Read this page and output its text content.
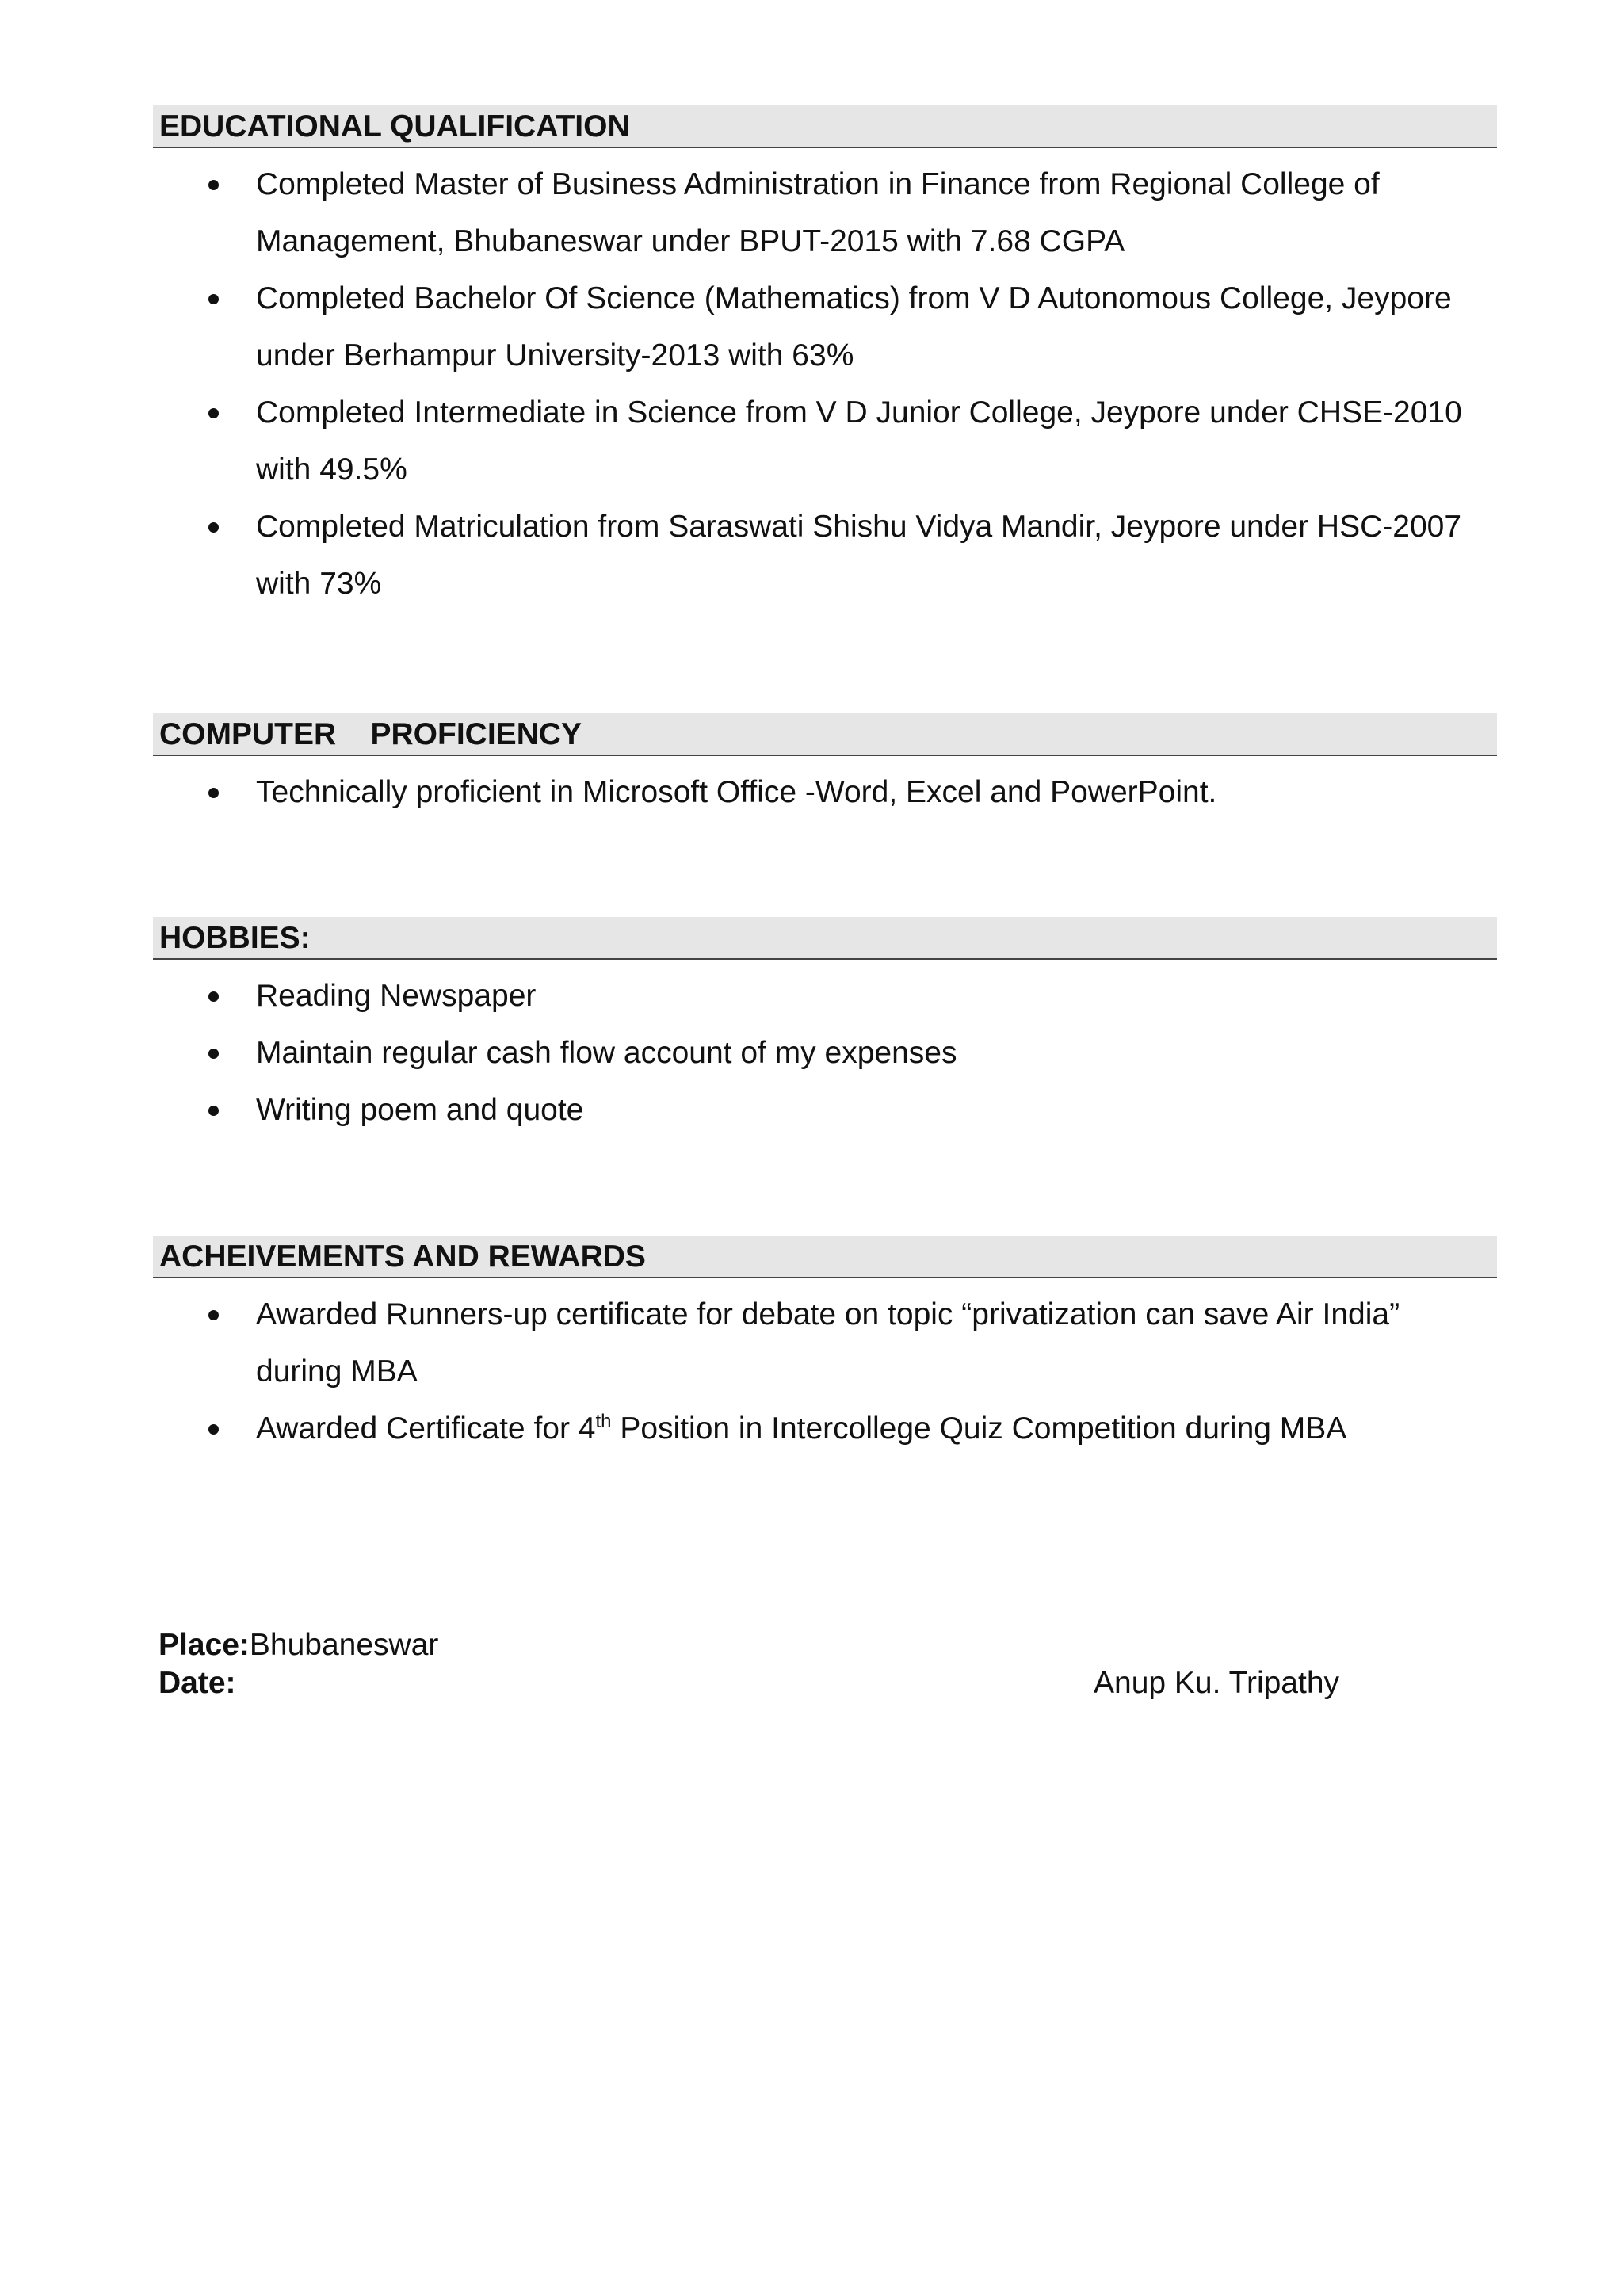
EDUCATIONAL QUALIFICATION
Completed Master of Business Administration in Finance from Regional College of Management, Bhubaneswar under BPUT-2015 with 7.68 CGPA
Completed Bachelor Of Science (Mathematics) from V D Autonomous College, Jeypore under Berhampur University-2013 with 63%
Completed Intermediate in Science from V D Junior College, Jeypore under CHSE-2010 with 49.5%
Completed Matriculation from Saraswati Shishu Vidya Mandir, Jeypore under HSC-2007 with 73%
COMPUTER    PROFICIENCY
Technically proficient in Microsoft Office -Word, Excel and PowerPoint.
HOBBIES:
Reading Newspaper
Maintain regular cash flow account of my expenses
Writing poem and quote
ACHEIVEMENTS AND REWARDS
Awarded Runners-up certificate for debate on topic “privatization can save Air India” during MBA
Awarded Certificate for 4th Position in Intercollege Quiz Competition during MBA
Place:Bhubaneswar
Date:	Anup Ku. Tripathy
